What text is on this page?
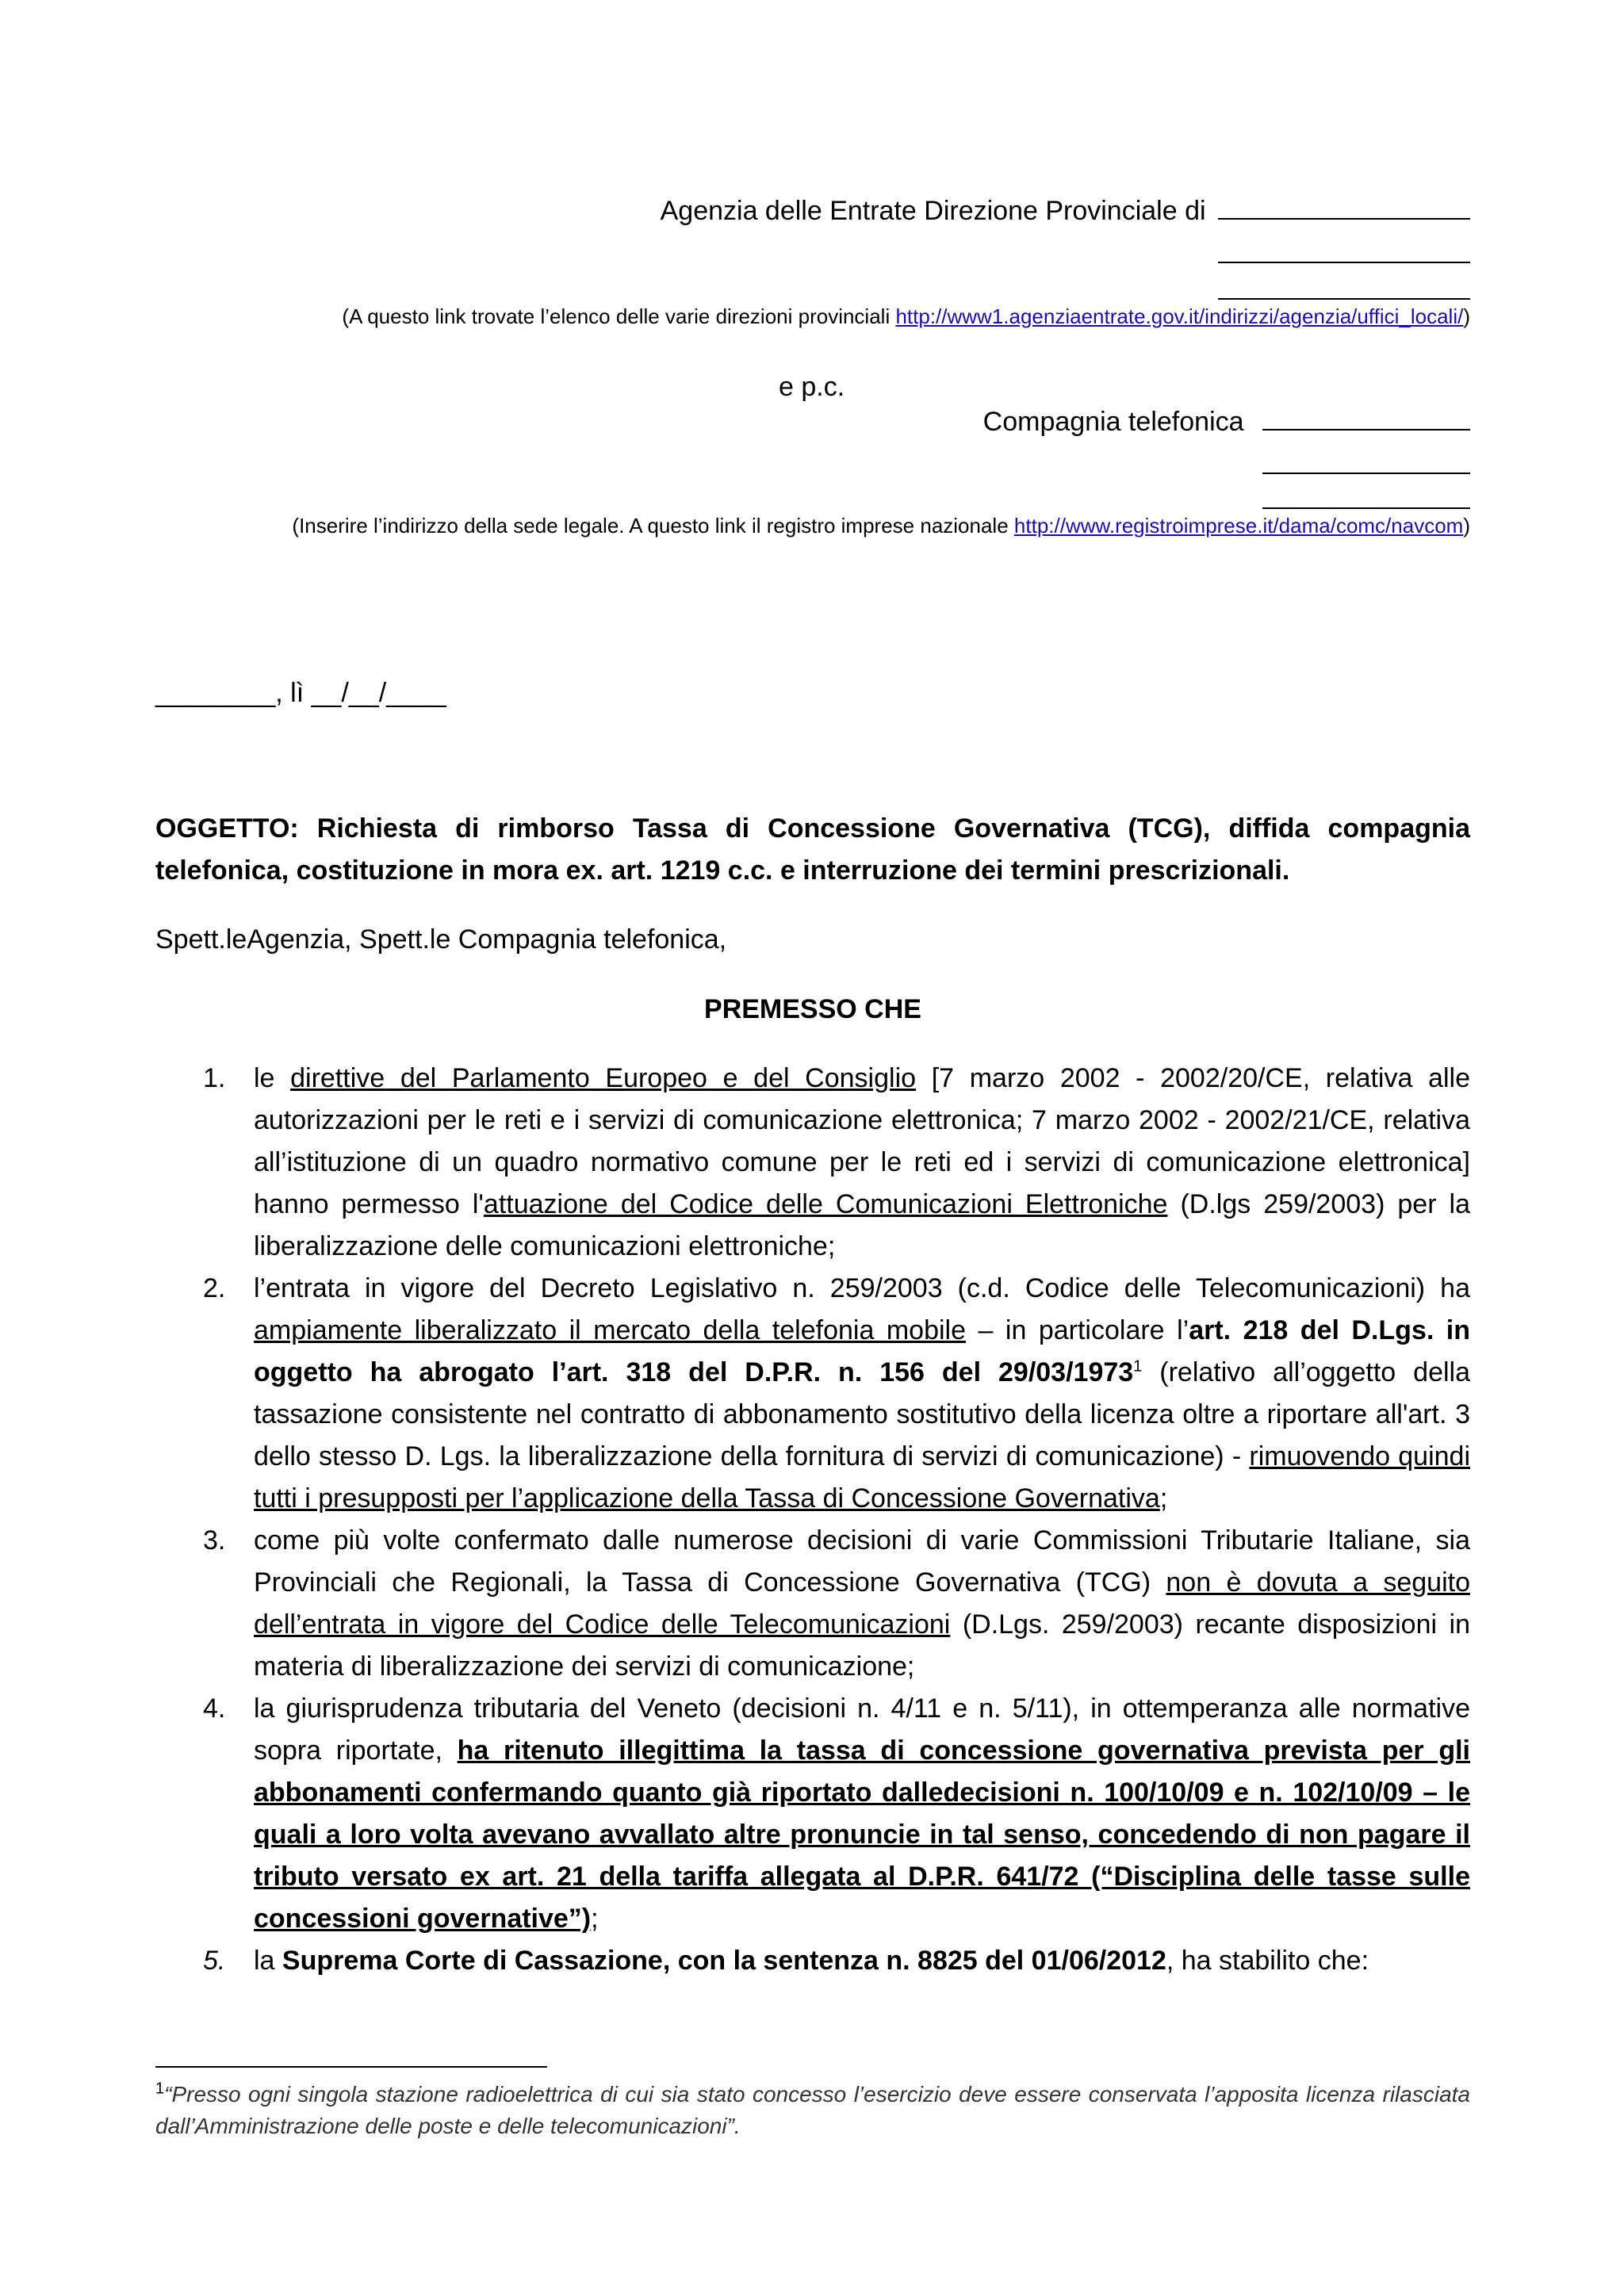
Agenzia delle Entrate Direzione Provinciale di
(A questo link trovate l’elenco delle varie direzioni provinciali http://www1.agenziaentrate.gov.it/indirizzi/agenzia/uffici_locali/)
e p.c.
Compagnia telefonica
(Inserire l’indirizzo della sede legale. A questo link il registro imprese nazionale http://www.registroimprese.it/dama/comc/navcom)
________, lì __/__/____
OGGETTO: Richiesta di rimborso Tassa di Concessione Governativa (TCG), diffida compagnia telefonica, costituzione in mora ex. art. 1219 c.c. e interruzione dei termini prescrizionali.
Spett.leAgenzia, Spett.le Compagnia telefonica,
PREMESSO CHE
1. le direttive del Parlamento Europeo e del Consiglio [7 marzo 2002 - 2002/20/CE, relativa alle autorizzazioni per le reti e i servizi di comunicazione elettronica; 7 marzo 2002 - 2002/21/CE, relativa all’istituzione di un quadro normativo comune per le reti ed i servizi di comunicazione elettronica] hanno permesso l'attuazione del Codice delle Comunicazioni Elettroniche (D.lgs 259/2003) per la liberalizzazione delle comunicazioni elettroniche;
2. l’entrata in vigore del Decreto Legislativo n. 259/2003 (c.d. Codice delle Telecomunicazioni) ha ampiamente liberalizzato il mercato della telefonia mobile – in particolare l’art. 218 del D.Lgs. in oggetto ha abrogato l’art. 318 del D.P.R. n. 156 del 29/03/1973$^1$ (relativo all’oggetto della tassazione consistente nel contratto di abbonamento sostitutivo della licenza oltre a riportare all'art. 3 dello stesso D. Lgs. la liberalizzazione della fornitura di servizi di comunicazione) - rimuovendo quindi tutti i presupposti per l’applicazione della Tassa di Concessione Governativa;
3. come più volte confermato dalle numerose decisioni di varie Commissioni Tributarie Italiane, sia Provinciali che Regionali, la Tassa di Concessione Governativa (TCG) non è dovuta a seguito dell’entrata in vigore del Codice delle Telecomunicazioni (D.Lgs. 259/2003) recante disposizioni in materia di liberalizzazione dei servizi di comunicazione;
4. la giurisprudenza tributaria del Veneto (decisioni n. 4/11 e n. 5/11), in ottemperanza alle normative sopra riportate, ha ritenuto illegittima la tassa di concessione governativa prevista per gli abbonamenti confermando quanto già riportato dalledecisioni n. 100/10/09 e n. 102/10/09 – le quali a loro volta avevano avvallato altre pronuncie in tal senso, concedendo di non pagare il tributo versato ex art. 21 della tariffa allegata al D.P.R. 641/72 (“Disciplina delle tasse sulle concessioni governative”);
5. la Suprema Corte di Cassazione, con la sentenza n. 8825 del 01/06/2012, ha stabilito che:
$^1$“Presso ogni singola stazione radioelettrica di cui sia stato concesso l’esercizio deve essere conservata l’apposita licenza rilasciata dall’Amministrazione delle poste e delle telecomunicazioni”.
